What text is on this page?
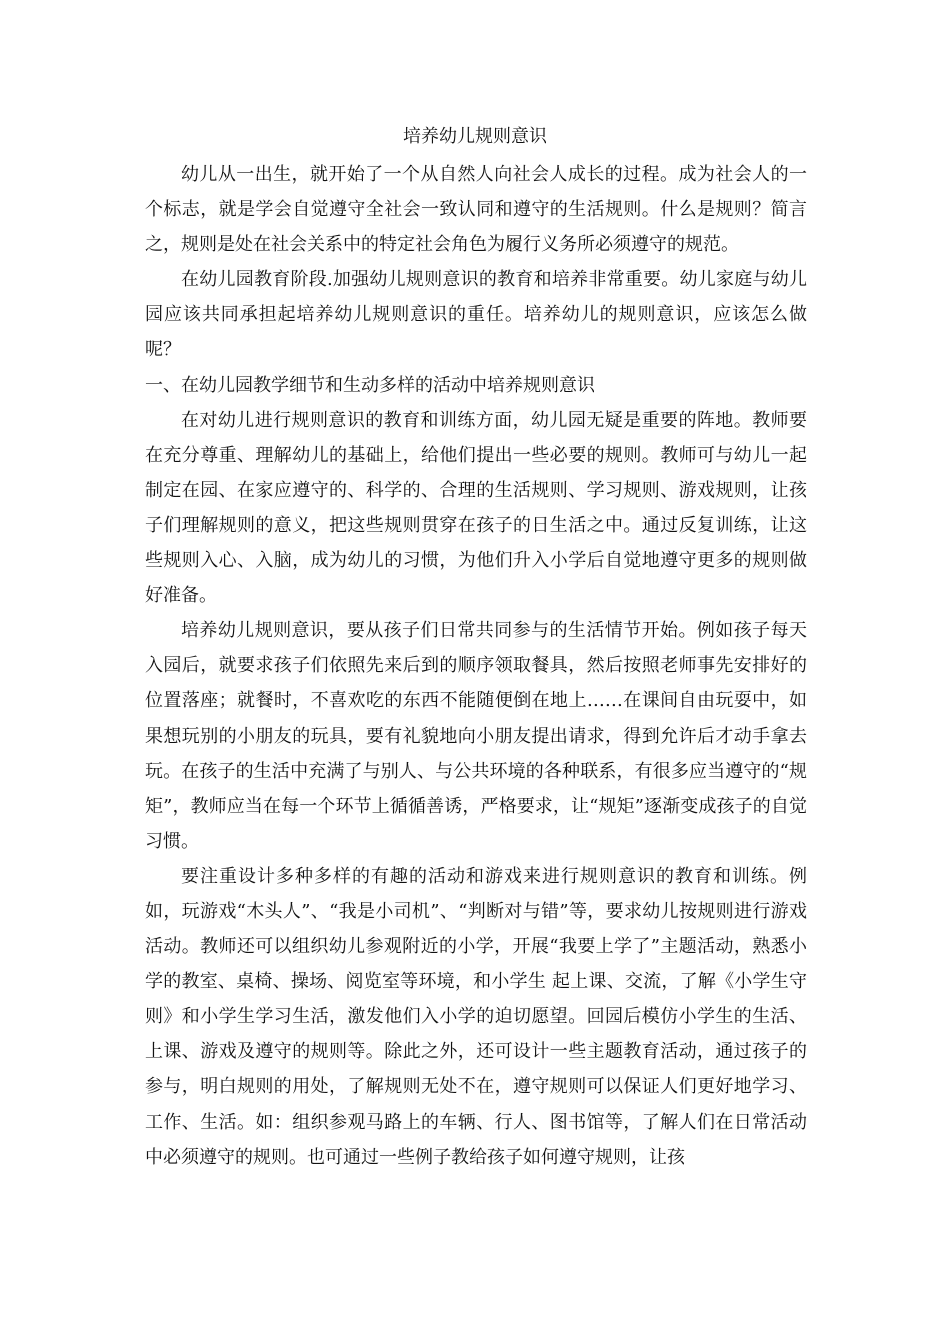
培养幼儿规则意识

幼儿从一出生，就开始了一个从自然人向社会人成长的过程。成为社会人的一个标志，就是学会自觉遵守全社会一致认同和遵守的生活规则。什么是规则？简言之，规则是处在社会关系中的特定社会角色为履行义务所必须遵守的规范。

在幼儿园教育阶段.加强幼儿规则意识的教育和培养非常重要。幼儿家庭与幼儿园应该共同承担起培养幼儿规则意识的重任。培养幼儿的规则意识，应该怎么做呢？

一、在幼儿园教学细节和生动多样的活动中培养规则意识

在对幼儿进行规则意识的教育和训练方面，幼儿园无疑是重要的阵地。教师要在充分尊重、理解幼儿的基础上，给他们提出一些必要的规则。教师可与幼儿一起制定在园、在家应遵守的、科学的、合理的生活规则、学习规则、游戏规则，让孩子们理解规则的意义，把这些规则贯穿在孩子的日生活之中。通过反复训练，让这些规则入心、入脑，成为幼儿的习惯，为他们升入小学后自觉地遵守更多的规则做好准备。

培养幼儿规则意识，要从孩子们日常共同参与的生活情节开始。例如孩子每天入园后，就要求孩子们依照先来后到的顺序领取餐具，然后按照老师事先安排好的位置落座；就餐时，不喜欢吃的东西不能随便倒在地上……在课间自由玩耍中，如果想玩别的小朋友的玩具，要有礼貌地向小朋友提出请求，得到允许后才动手拿去玩。在孩子的生活中充满了与别人、与公共环境的各种联系，有很多应当遵守的“规矩”，教师应当在每一个环节上循循善诱，严格要求，让“规矩”逐渐变成孩子的自觉习惯。

要注重设计多种多样的有趣的活动和游戏来进行规则意识的教育和训练。例如，玩游戏“木头人”、“我是小司机”、“判断对与错”等，要求幼儿按规则进行游戏活动。教师还可以组织幼儿参观附近的小学，开展“我要上学了”主题活动，熟悉小学的教室、桌椅、操场、阅览室等环境，和小学生 起上课、交流，了解《小学生守则》和小学生学习生活，激发他们入小学的迫切愿望。回园后模仿小学生的生活、上课、游戏及遵守的规则等。除此之外，还可设计一些主题教育活动，通过孩子的参与，明白规则的用处，了解规则无处不在，遵守规则可以保证人们更好地学习、工作、生活。如：组织参观马路上的车辆、行人、图书馆等，了解人们在日常活动中必须遵守的规则。也可通过一些例子教给孩子如何遵守规则，让孩
